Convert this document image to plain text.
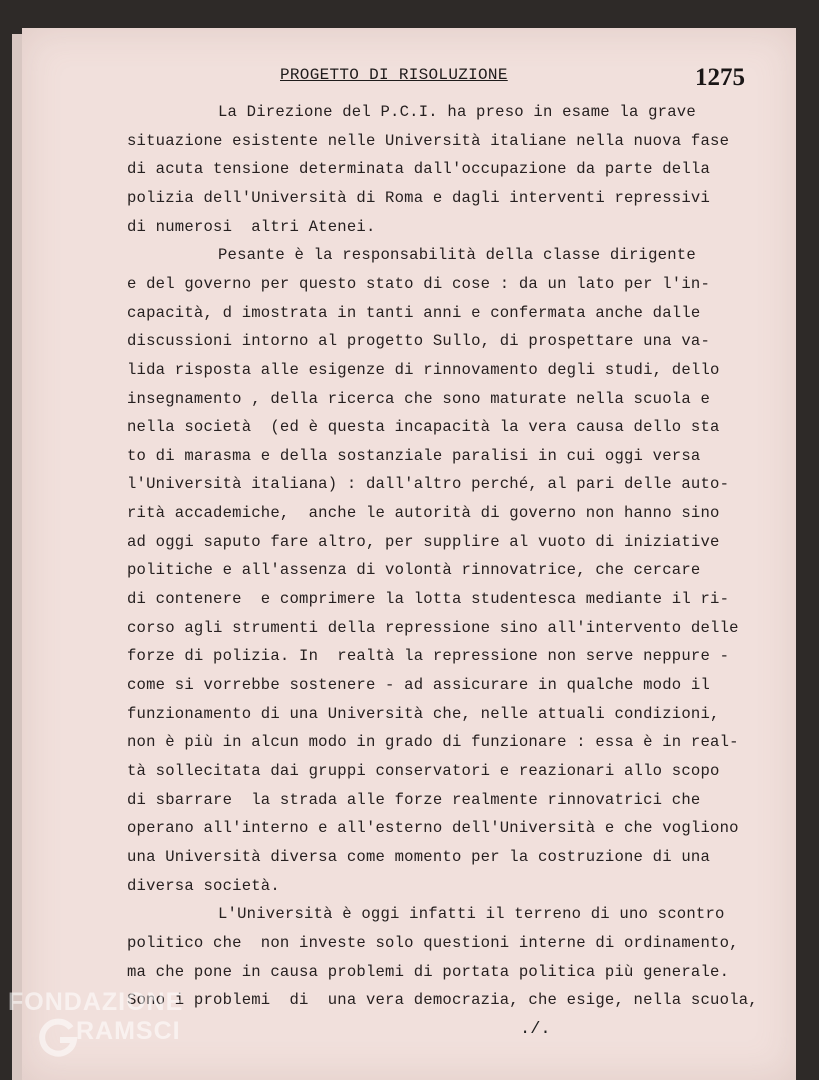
PROGETTO DI RISOLUZIONE	1275
La Direzione del P.C.I. ha preso in esame la grave
situazione esistente nelle Università italiane nella nuova fase
di acuta tensione determinata dall'occupazione da parte della
polizia dell'Università di Roma e dagli interventi repressivi
di numerosi  altri Atenei.
Pesante è la responsabilità della classe dirigente
e del governo per questo stato di cose : da un lato per l'in-
capacità, d imostrata in tanti anni e confermata anche dalle
discussioni intorno al progetto Sullo, di prospettare una va-
lida risposta alle esigenze di rinnovamento degli studi, dello
insegnamento , della ricerca che sono maturate nella scuola e
nella società  (ed è questa incapacità la vera causa dello sta
to di marasma e della sostanziale paralisi in cui oggi versa
l'Università italiana) : dall'altro perché, al pari delle auto-
rità accademiche,  anche le autorità di governo non hanno sino
ad oggi saputo fare altro, per supplire al vuoto di iniziative
politiche e all'assenza di volontà rinnovatrice, che cercare
di contenere  e comprimere la lotta studentesca mediante il ri-
corso agli strumenti della repressione sino all'intervento delle
forze di polizia. In  realtà la repressione non serve neppure -
come si vorrebbe sostenere - ad assicurare in qualche modo il
funzionamento di una Università che, nelle attuali condizioni,
non è più in alcun modo in grado di funzionare : essa è in real-
tà sollecitata dai gruppi conservatori e reazionari allo scopo
di sbarrare  la strada alle forze realmente rinnovatrici che
operano all'interno e all'esterno dell'Università e che vogliono
una Università diversa come momento per la costruzione di una
diversa società.
L'Università è oggi infatti il terreno di uno scontro
politico che  non investe solo questioni interne di ordinamento,
ma che pone in causa problemi di portata politica più generale.
Sono i problemi  di  una vera democrazia, che esige, nella scuola,
./.
FONDAZIONE
RAMSCI
